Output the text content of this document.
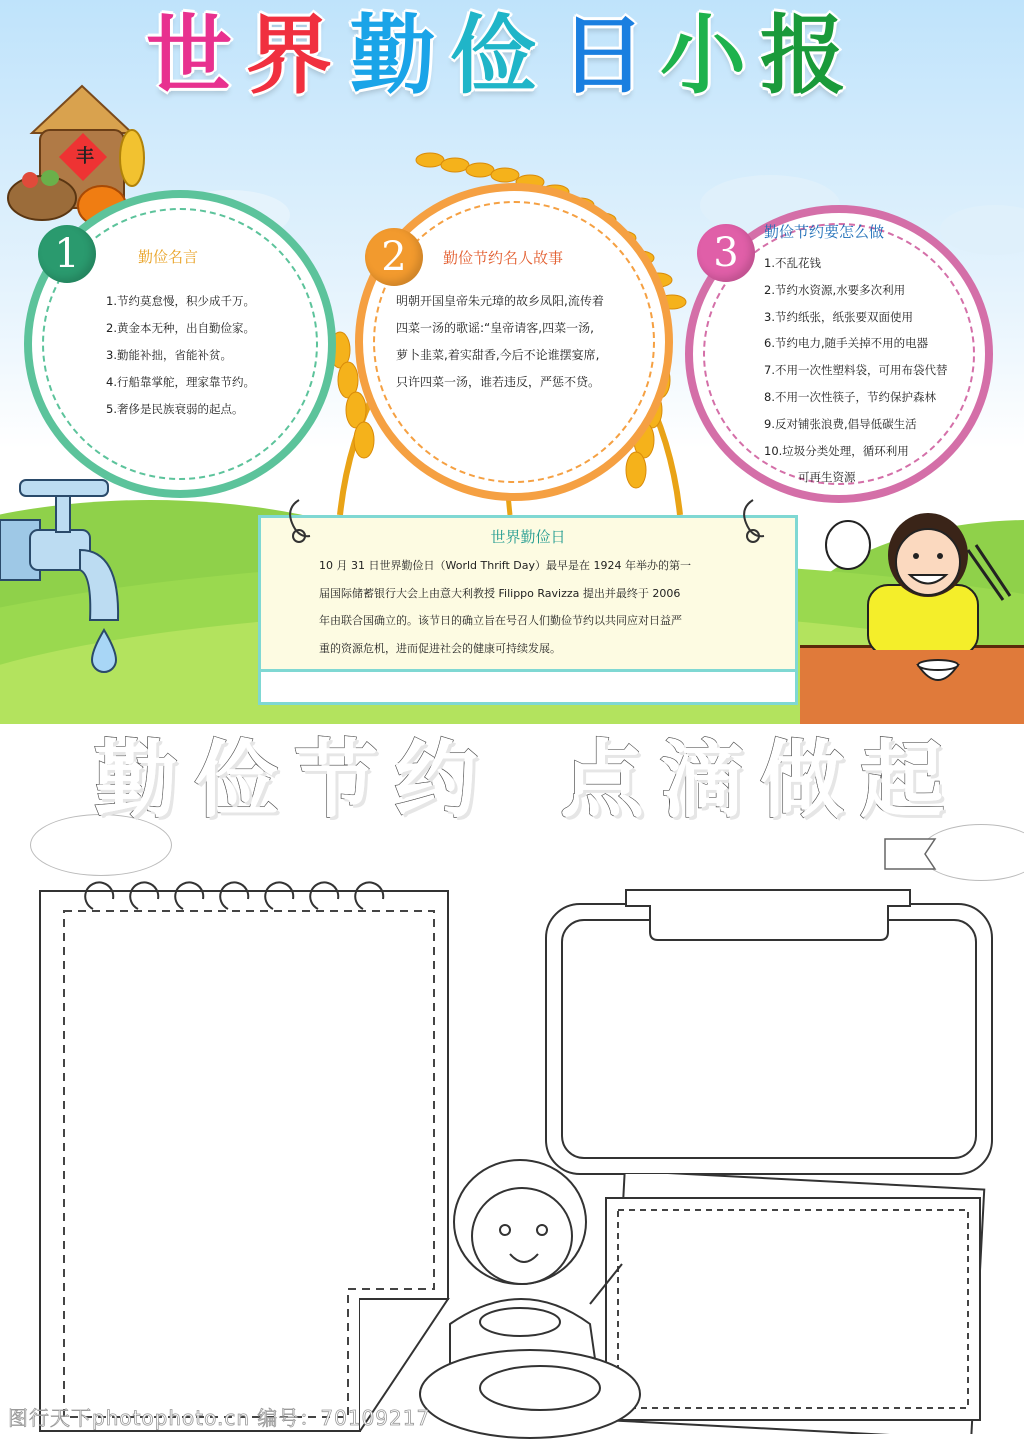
世 界 勤 俭 日 小 报
丰
1	勤俭名言
1.节约莫怠慢，积少成千万。
2.黄金本无种，出自勤俭家。
3.勤能补拙，省能补贫。
4.行船靠掌舵，理家靠节约。
5.奢侈是民族衰弱的起点。
2	勤俭节约名人故事
明朝开国皇帝朱元璋的故乡凤阳,流传着
四菜一汤的歌谣:“皇帝请客,四菜一汤,
萝卜韭菜,着实甜香,今后不论谁摆宴席,
只许四菜一汤，谁若违反，严惩不贷。
3	勤俭节约要怎么做
1.不乱花钱
2.节约水资源,水要多次利用
3.节约纸张，纸张要双面使用
6.节约电力,随手关掉不用的电器
7.不用一次性塑料袋，可用布袋代替
8.不用一次性筷子，节约保护森林
9.反对铺张浪费,倡导低碳生活
10.垃圾分类处理，循环利用
可再生资源
世界勤俭日
10 月 31 日世界勤俭日（World Thrift Day）最早是在 1924 年举办的第一
届国际储蓄银行大会上由意大利教授 Filippo Ravizza 提出并最终于 2006
年由联合国确立的。该节日的确立旨在号召人们勤俭节约以共同应对日益严
重的资源危机，进而促进社会的健康可持续发展。
勤 俭 节 约 点 滴 做 起
图行天下photophoto.cn 编号：70109217
